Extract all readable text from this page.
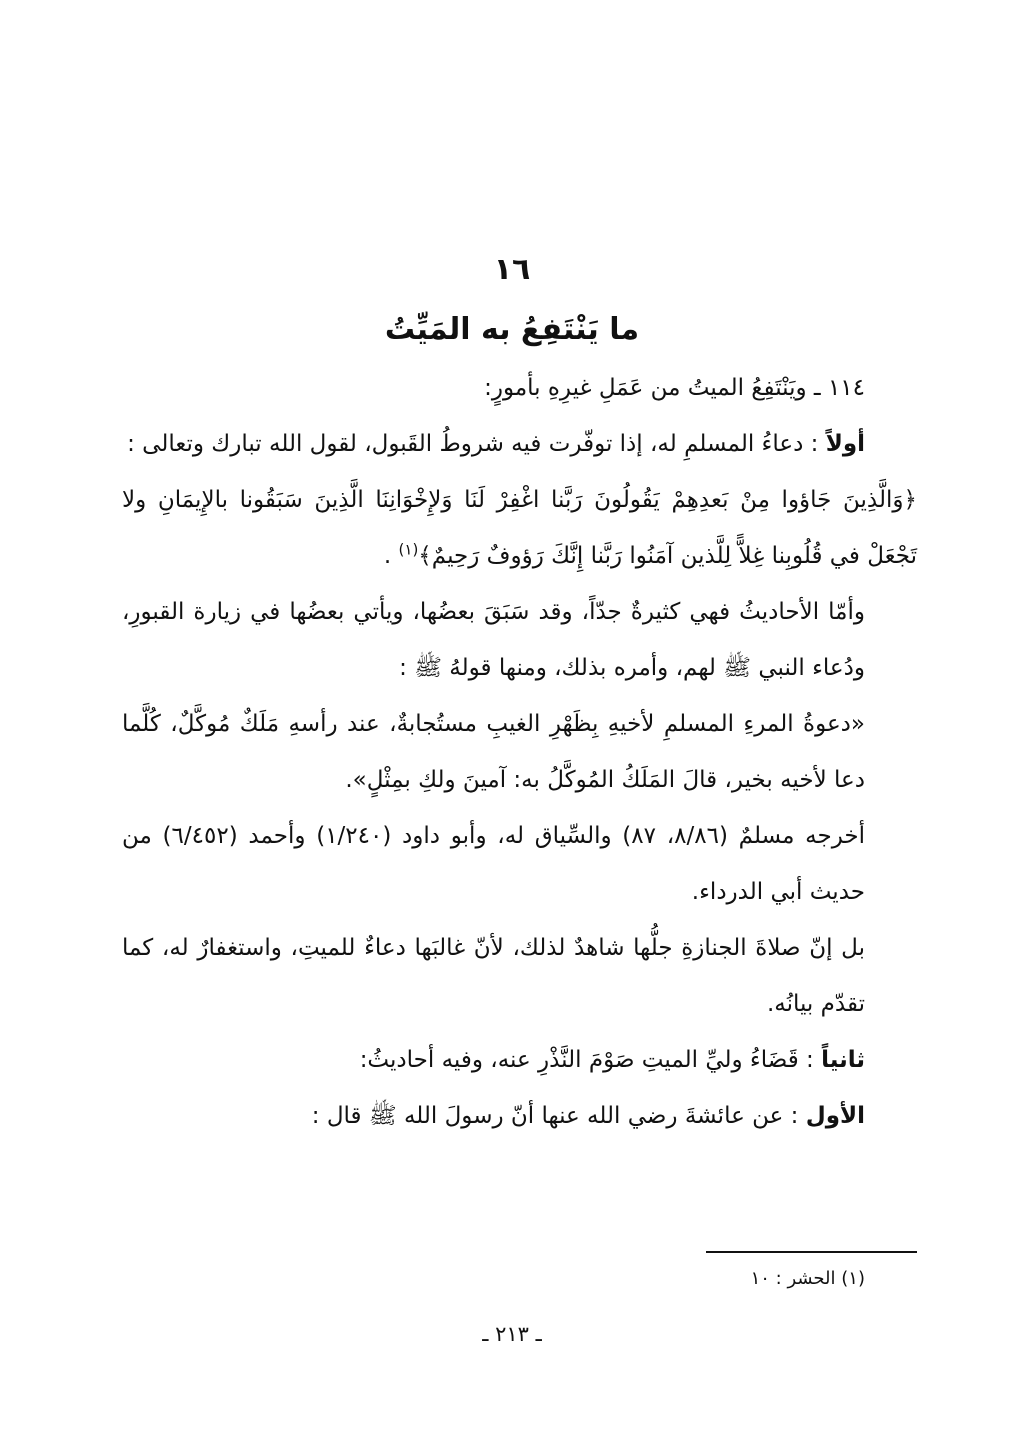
١٦
ما يَنْتَفِعُ به المَيِّتُ
١١٤ ـ ويَنْتَفِعُ الميتُ من عَمَلِ غيرِهِ بأمورٍ:
أولاً : دعاءُ المسلمِ له، إذا توفّرت فيه شروطُ القَبول، لقول الله تبارك وتعالى :
﴿وَالَّذِينَ جَاؤوا مِنْ بَعدِهِمْ يَقُولُونَ رَبَّنا اغْفِرْ لَنَا وَلإِخْوَانِنَا الَّذِينَ سَبَقُونا بالإِيمَانِ ولا تَجْعَلْ في قُلُوبِنا غِلاًّ لِلَّذين آمَنُوا رَبَّنا إِنَّكَ رَؤوفٌ رَحِيمٌ﴾$^{(١)}$ .
وأمّا الأحاديثُ فهي كثيرةٌ جدّاً، وقد سَبَقَ بعضُها، ويأتي بعضُها في زيارة القبورِ، ودُعاء النبي ﷺ لهم، وأمره بذلك، ومنها قولهُ ﷺ :
«دعوةُ المرءِ المسلمِ لأخيهِ بِظَهْرِ الغيبِ مستُجابةٌ، عند رأسهِ مَلَكٌ مُوكَّلٌ، كُلَّما دعا لأخيه بخير، قالَ المَلَكُ المُوكَّلُ به: آمينَ ولكِ بمِثْلٍ».
أخرجه مسلمٌ (٨/٨٦، ٨٧) والسِّياق له، وأبو داود (١/٢٤٠) وأحمد (٦/٤٥٢) من حديث أبي الدرداء.
بل إنّ صلاةَ الجنازةِ جلُّها شاهدٌ لذلك، لأنّ غالبَها دعاءٌ للميتِ، واستغفارٌ له، كما تقدّم بيانُه.
ثانياً : قَضَاءُ وليِّ الميتِ صَوْمَ النَّذْرِ عنه، وفيه أحاديثُ:
الأول : عن عائشةَ رضي الله عنها أنّ رسولَ الله ﷺ قال :
(١) الحشر : ١٠
ـ ٢١٣ ـ
